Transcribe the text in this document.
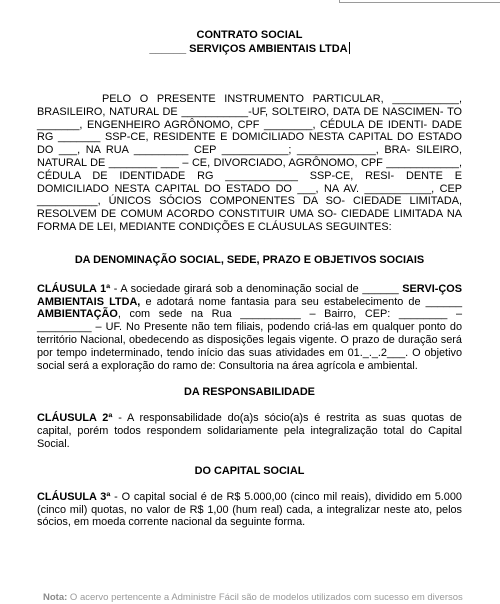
CONTRATO SOCIAL
______ SERVIÇOS AMBIENTAIS LTDA

PELO O PRESENTE INSTRUMENTO PARTICULAR, ___________, BRASILEIRO, NATURAL DE ___________-UF, SOLTEIRO, DATA DE NASCIMEN- TO _______, ENGENHEIRO AGRÔNOMO, CPF ________, CÉDULA DE IDENTI- DADE RG _______ SSP-CE, RESIDENTE E DOMICILIADO NESTA CAPITAL DO ESTADO DO ___, NA RUA _________ CEP ___________; _____________, BRA- SILEIRO, NATURAL DE ________ ___ – CE, DIVORCIADO, AGRÔNOMO, CPF ____________, CÉDULA DE IDENTIDADE RG ____________ SSP-CE, RESI- DENTE E DOMICILIADO NESTA CAPITAL DO ESTADO DO ___, NA AV. ___________, CEP __________, ÚNICOS SÓCIOS COMPONENTES DA SO- CIEDADE LIMITADA, RESOLVEM DE COMUM ACORDO CONSTITUIR UMA SO- CIEDADE LIMITADA NA FORMA DE LEI, MEDIANTE CONDIÇÕES E CLÁUSULAS SEGUINTES:

DA DENOMINAÇÃO SOCIAL, SEDE, PRAZO E OBJETIVOS SOCIAIS

CLÁUSULA 1ª - A sociedade girará sob a denominação social de ______ SERVI-ÇOS AMBIENTAIS LTDA, e adotará nome fantasia para seu estabelecimento de ______ AMBIENTAÇÃO, com sede na Rua __________ – Bairro, CEP: ________ – _________ – UF. No Presente não tem filiais, podendo criá-las em qualquer ponto do território Nacional, obedecendo as disposições legais vigente. O prazo de duração será por tempo indeterminado, tendo início das suas atividades em 01._._.2___. O objetivo social será a exploração do ramo de: Consultoria na área agrícola e ambiental.

DA RESPONSABILIDADE

CLÁUSULA 2ª - A responsabilidade do(a)s sócio(a)s é restrita as suas quotas de capital, porém todos respondem solidariamente pela integralização total do Capital Social.

DO CAPITAL SOCIAL

CLÁUSULA 3ª - O capital social é de R$ 5.000,00 (cinco mil reais), dividido em 5.000 (cinco mil) quotas, no valor de R$ 1,00 (hum real) cada, a integralizar neste ato, pelos sócios, em moeda corrente nacional da seguinte forma.

Nota: O acervo pertencente a Administre Fácil são de modelos utilizados com sucesso em diversos
